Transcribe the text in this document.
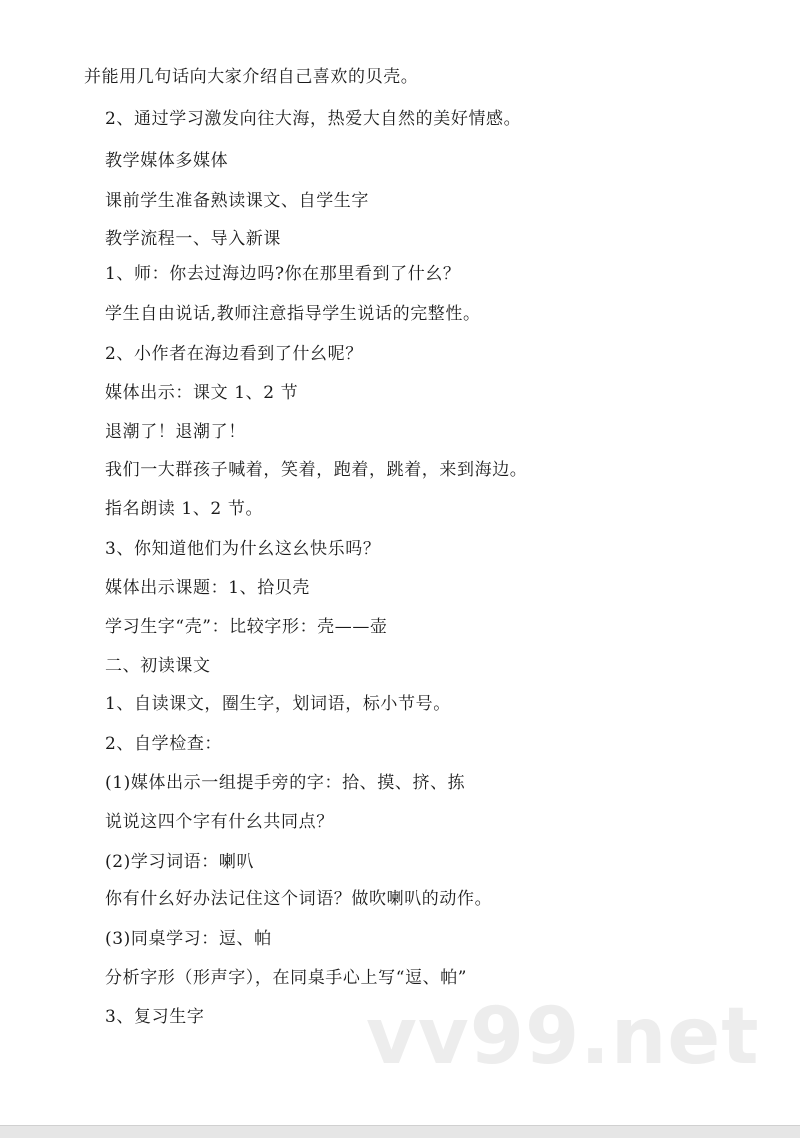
并能用几句话向大家介绍自己喜欢的贝壳。
2、通过学习激发向往大海，热爱大自然的美好情感。
教学媒体多媒体
课前学生准备熟读课文、自学生字
教学流程一、导入新课
1、师：你去过海边吗?你在那里看到了什幺？
学生自由说话,教师注意指导学生说话的完整性。
2、小作者在海边看到了什幺呢？
媒体出示：课文 1、2 节
退潮了！退潮了！
我们一大群孩子喊着，笑着，跑着，跳着，来到海边。
指名朗读 1、2 节。
3、你知道他们为什幺这幺快乐吗？
媒体出示课题：1、拾贝壳
学习生字“壳”：比较字形：壳——壶
二、初读课文
1、自读课文，圈生字，划词语，标小节号。
2、自学检查：
(1)媒体出示一组提手旁的字：拾、摸、挤、拣
说说这四个字有什幺共同点？
(2)学习词语：喇叭
你有什幺好办法记住这个词语？做吹喇叭的动作。
(3)同桌学习：逗、帕
分析字形（形声字），在同桌手心上写“逗、帕”
3、复习生字 vv99.net
